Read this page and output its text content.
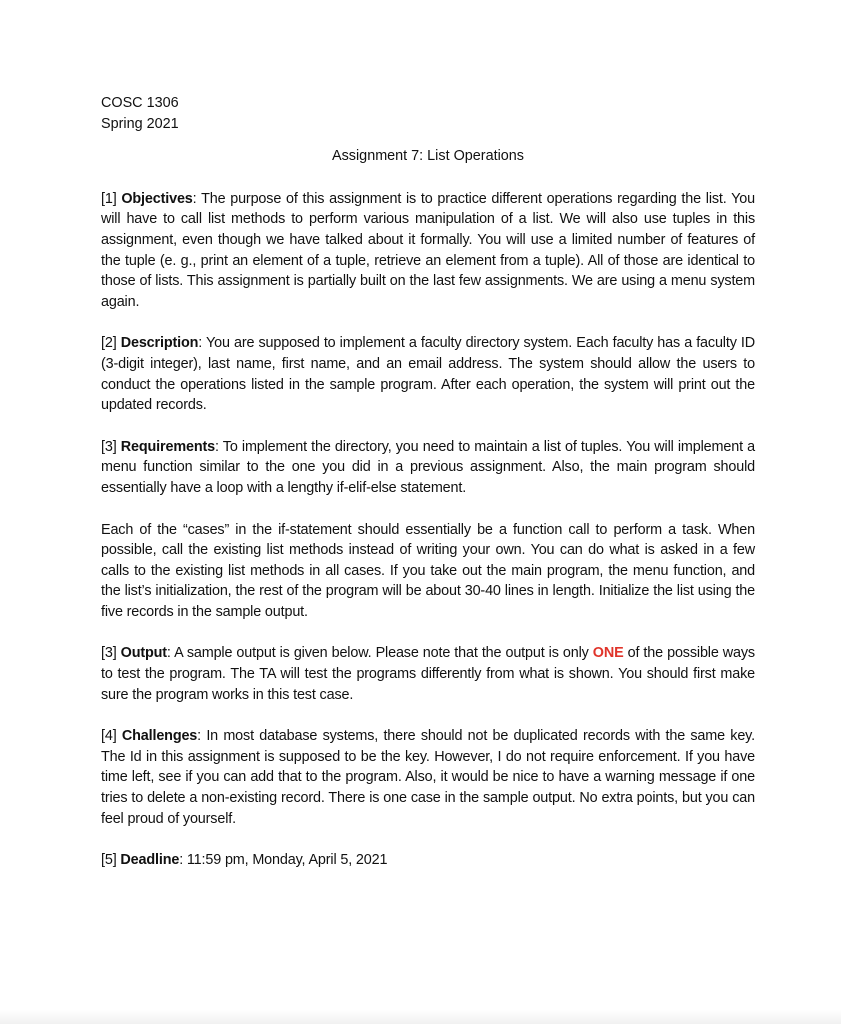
COSC 1306
Spring 2021
Assignment 7: List Operations

[1] Objectives: The purpose of this assignment is to practice different operations regarding the list. You will have to call list methods to perform various manipulation of a list. We will also use tuples in this assignment, even though we have talked about it formally. You will use a limited number of features of the tuple (e. g., print an element of a tuple, retrieve an element from a tuple). All of those are identical to those of lists. This assignment is partially built on the last few assignments. We are using a menu system again.

[2] Description: You are supposed to implement a faculty directory system. Each faculty has a faculty ID (3-digit integer), last name, first name, and an email address. The system should allow the users to conduct the operations listed in the sample program. After each operation, the system will print out the updated records.

[3] Requirements: To implement the directory, you need to maintain a list of tuples. You will implement a menu function similar to the one you did in a previous assignment. Also, the main program should essentially have a loop with a lengthy if-elif-else statement.

Each of the “cases” in the if-statement should essentially be a function call to perform a task. When possible, call the existing list methods instead of writing your own. You can do what is asked in a few calls to the existing list methods in all cases. If you take out the main program, the menu function, and the list’s initialization, the rest of the program will be about 30-40 lines in length. Initialize the list using the five records in the sample output.

[3] Output: A sample output is given below. Please note that the output is only ONE of the possible ways to test the program. The TA will test the programs differently from what is shown. You should first make sure the program works in this test case.

[4] Challenges: In most database systems, there should not be duplicated records with the same key. The Id in this assignment is supposed to be the key. However, I do not require enforcement. If you have time left, see if you can add that to the program. Also, it would be nice to have a warning message if one tries to delete a non-existing record. There is one case in the sample output. No extra points, but you can feel proud of yourself.

[5] Deadline: 11:59 pm, Monday, April 5, 2021
